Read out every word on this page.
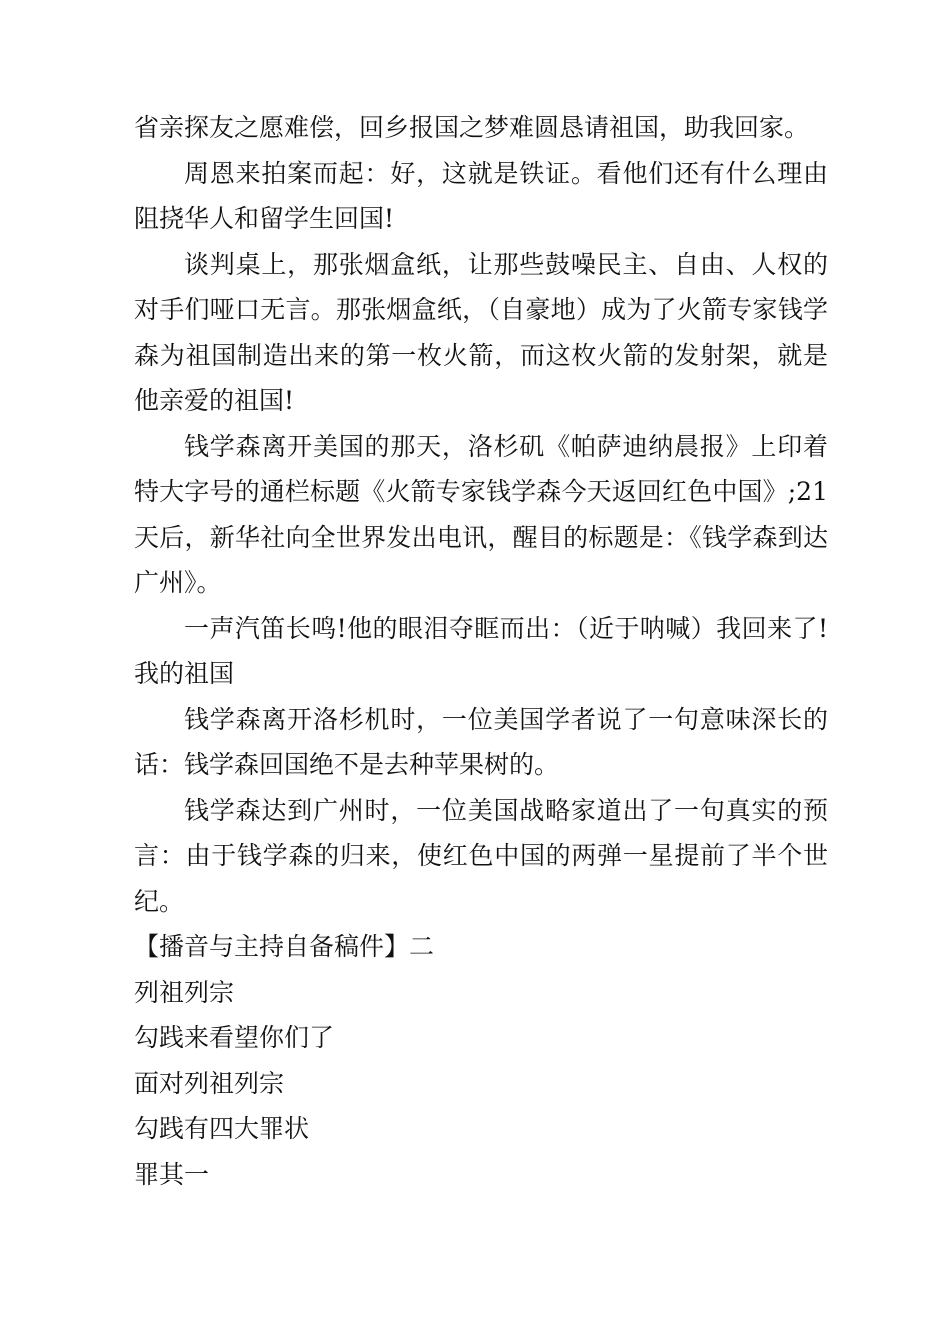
省亲探友之愿难偿，回乡报国之梦难圆恳请祖国，助我回家。

周恩来拍案而起：好，这就是铁证。看他们还有什么理由阻挠华人和留学生回国!

谈判桌上，那张烟盒纸，让那些鼓噪民主、自由、人权的对手们哑口无言。那张烟盒纸，（自豪地）成为了火箭专家钱学森为祖国制造出来的第一枚火箭，而这枚火箭的发射架，就是他亲爱的祖国!

钱学森离开美国的那天，洛杉矶《帕萨迪纳晨报》上印着特大字号的通栏标题《火箭专家钱学森今天返回红色中国》;21天后，新华社向全世界发出电讯，醒目的标题是：《钱学森到达广州》。

一声汽笛长鸣!他的眼泪夺眶而出：（近于呐喊）我回来了!我的祖国

钱学森离开洛杉机时，一位美国学者说了一句意味深长的话：钱学森回国绝不是去种苹果树的。

钱学森达到广州时，一位美国战略家道出了一句真实的预言：由于钱学森的归来，使红色中国的两弹一星提前了半个世纪。

【播音与主持自备稿件】二

列祖列宗

勾践来看望你们了

面对列祖列宗

勾践有四大罪状

罪其一
